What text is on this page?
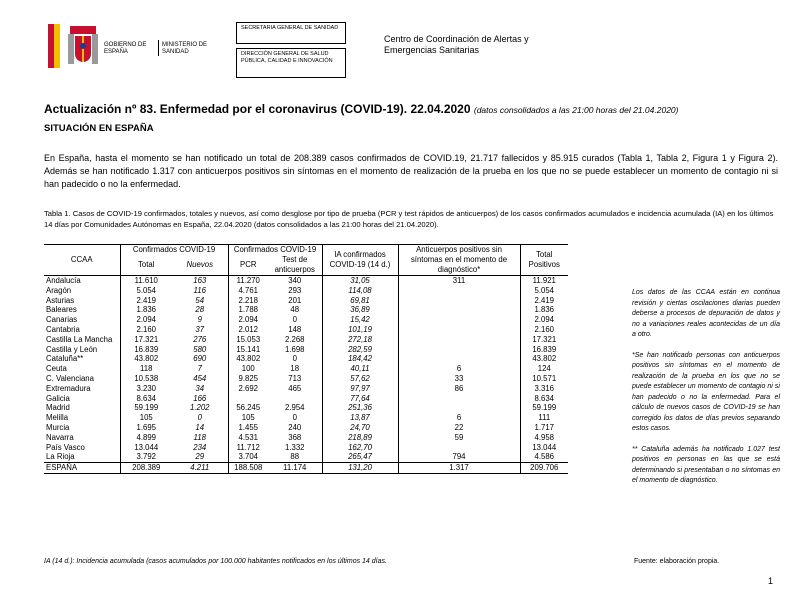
GOBIERNO DE ESPAÑA
MINISTERIO DE SANIDAD
SECRETARIA GENERAL DE SANIDAD
DIRECCIÓN GENERAL DE SALUD PÚBLICA, CALIDAD E INNOVACIÓN
Centro de Coordinación de Alertas y Emergencias Sanitarias
Actualización nº 83. Enfermedad por el coronavirus (COVID-19). 22.04.2020 (datos consolidados a las 21:00 horas del 21.04.2020)
SITUACIÓN EN ESPAÑA
En España, hasta el momento se han notificado un total de 208.389 casos confirmados de COVID.19, 21.717 fallecidos y 85.915 curados (Tabla 1, Tabla 2, Figura 1 y Figura 2). Además se han notificado 1.317 con anticuerpos positivos sin síntomas en el momento de realización de la prueba en los que no se puede establecer un momento de contagio ni si han padecido o no la enfermedad.
Tabla 1. Casos de COVID-19 confirmados, totales y nuevos, así como desglose por tipo de prueba (PCR y test rápidos de anticuerpos) de los casos confirmados acumulados e incidencia acumulada (IA) en los últimos 14 días por Comunidades Autónomas en España, 22.04.2020 (datos consolidados a las 21:00 horas del 21.04.2020).
CCAA	Confirmados COVID-19		Confirmados COVID-19		IA confirmados COVID-19 (14 d.)	Anticuerpos positivos sin síntomas en el momento de diagnóstico*	Total Positivos
	Total	Nuevos	PCR	Test de anticuerpos			
Andalucía	11.610	163	11.270	340	31,05	311	11.921
Aragón	5.054	116	4.761	293	114,08		5.054
Asturias	2.419	54	2.218	201	69,81		2.419
Baleares	1.836	28	1.788	48	36,89		1.836
Canarias	2.094	9	2.094	0	15,42		2.094
Cantabria	2.160	37	2.012	148	101,19		2.160
Castilla La Mancha	17.321	276	15.053	2.268	272,18		17.321
Castilla y León	16.839	580	15.141	1.698	282,59		16.839
Cataluña**	43.802	690	43.802	0	184,42		43.802
Ceuta	118	7	100	18	40,11	6	124
C. Valenciana	10.538	454	9.825	713	57,62	33	10.571
Extremadura	3.230	34	2.692	465	97,97	86	3.316
Galicia	8.634	166			77,64		8.634
Madrid	59.199	1.202	56.245	2.954	251,36		59.199
Melilla	105	0	105	0	13,87	6	111
Murcia	1.695	14	1.455	240	24,70	22	1.717
Navarra	4.899	118	4.531	368	218,89	59	4.958
País Vasco	13.044	234	11.712	1.332	162,70		13.044
La Rioja	3.792	29	3.704	88	265,47	794	4.586
ESPAÑA	208.389	4.211	188.508	11.174	131,20	1.317	209.706

Los datos de las CCAA están en continua revisión y ciertas oscilaciones diarias pueden deberse a procesos de depuración de datos y no a variaciones reales acontecidas de un día a otro.

*Se han notificado personas con anticuerpos positivos sin síntomas en el momento de realización de la prueba en los que no se puede establecer un momento de contagio ni si han padecido o no la enfermedad. Para el cálculo de nuevos casos de COVID-19 se han corregido los datos de días previos separando estos casos.

** Cataluña además ha notificado 1.027 test positivos en personas en las que se está determinando si presentaban o no síntomas en el momento de diagnóstico.

IA (14 d.): Incidencia acumulada (casos acumulados por 100.000 habitantes notificados en los últimos 14 días.	Fuente: elaboración propia.
1
